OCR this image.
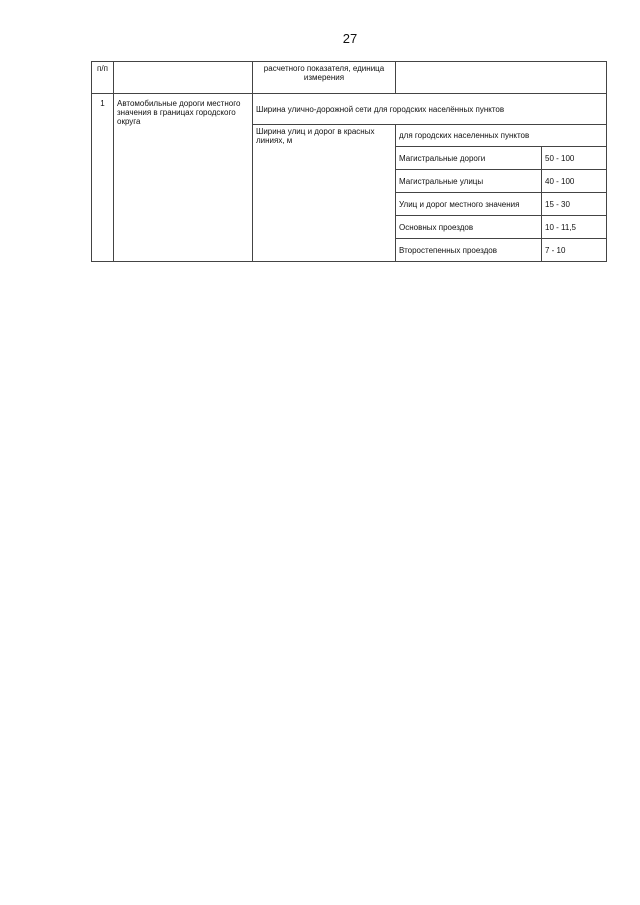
27
п/п		расчетного показателя, единица измерения		
1	Автомобильные дороги местного значения в границах городского округа	Ширина улично-дорожной сети для городских населённых пунктов		
		Ширина улиц и дорог в красных линиях, м	для городских населенных пунктов	
			Магистральные дороги	50 - 100
			Магистральные улицы	40 - 100
			Улиц и дорог местного значения	15 - 30
			Основных проездов	10 - 11,5
			Второстепенных проездов	7 - 10
